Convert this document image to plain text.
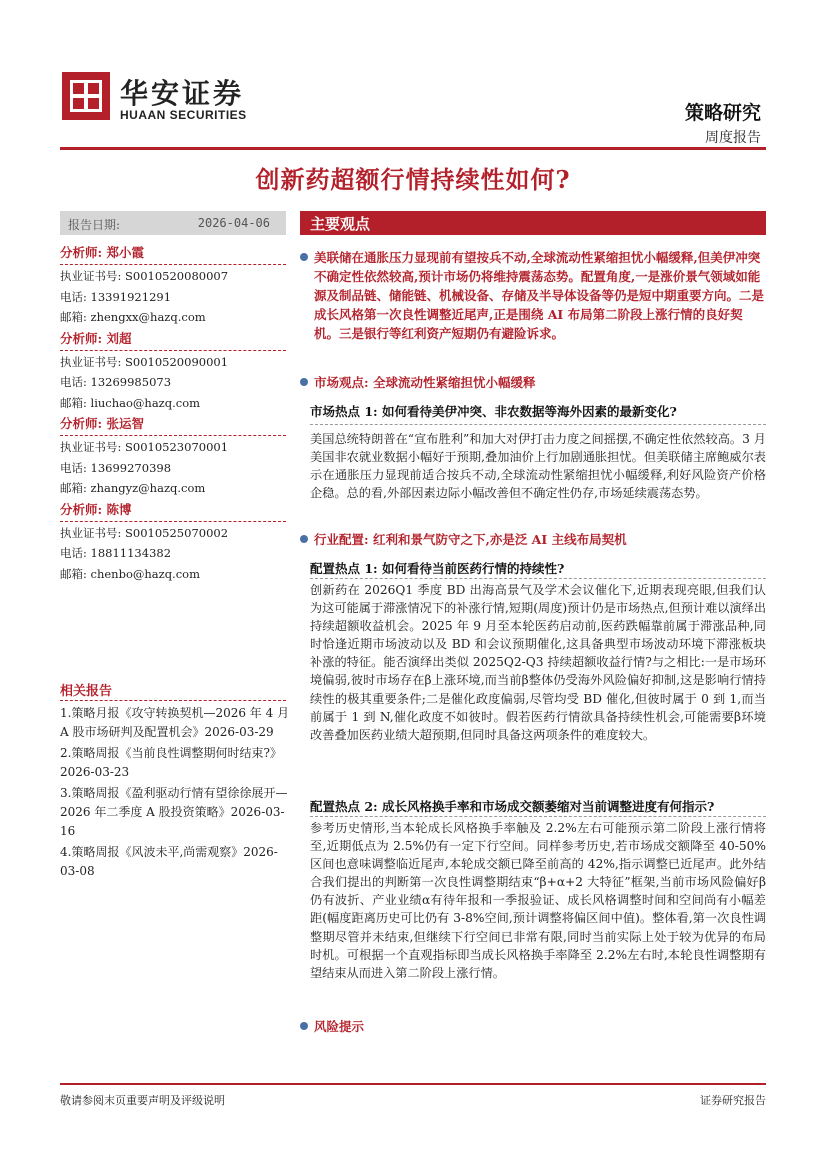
华安证券
HUAAN SECURITIES	策略研究
周度报告
创新药超额行情持续性如何?
报告日期:	2026-04-06
分析师: 郑小霞
执业证书号: S0010520080007
电话: 13391921291
邮箱: zhengxx@hazq.com
分析师: 刘超
执业证书号: S0010520090001
电话: 13269985073
邮箱: liuchao@hazq.com
分析师: 张运智
执业证书号: S0010523070001
电话: 13699270398
邮箱: zhangyz@hazq.com
分析师: 陈博
执业证书号: S0010525070002
电话: 18811134382
邮箱: chenbo@hazq.com
相关报告
1.策略月报《攻守转换契机—2026 年 4 月 A 股市场研判及配置机会》2026-03-29
2.策略周报《当前良性调整期何时结束?》2026-03-23
3.策略周报《盈利驱动行情有望徐徐展开—2026 年二季度 A 股投资策略》2026-03-16
4.策略周报《风波未平,尚需观察》2026-03-08
主要观点
美联储在通胀压力显现前有望按兵不动,全球流动性紧缩担忧小幅缓释,但美伊冲突不确定性依然较高,预计市场仍将维持震荡态势。配置角度,一是涨价景气领域如能源及制品链、储能链、机械设备、存储及半导体设备等仍是短中期重要方向。二是成长风格第一次良性调整近尾声,正是围绕 AI 布局第二阶段上涨行情的良好契机。三是银行等红利资产短期仍有避险诉求。
市场观点: 全球流动性紧缩担忧小幅缓释
市场热点 1: 如何看待美伊冲突、非农数据等海外因素的最新变化?
美国总统特朗普在“宣布胜利”和加大对伊打击力度之间摇摆,不确定性依然较高。3 月美国非农就业数据小幅好于预期,叠加油价上行加剧通胀担忧。但美联储主席鲍威尔表示在通胀压力显现前适合按兵不动,全球流动性紧缩担忧小幅缓释,利好风险资产价格企稳。总的看,外部因素边际小幅改善但不确定性仍存,市场延续震荡态势。
行业配置: 红利和景气防守之下,亦是泛 AI 主线布局契机
配置热点 1: 如何看待当前医药行情的持续性?
创新药在 2026Q1 季度 BD 出海高景气及学术会议催化下,近期表现亮眼,但我们认为这可能属于滞涨情况下的补涨行情,短期(周度)预计仍是市场热点,但预计难以演绎出持续超额收益机会。2025 年 9 月至本轮医药启动前,医药跌幅靠前属于滞涨品种,同时恰逢近期市场波动以及 BD 和会议预期催化,这具备典型市场波动环境下滞涨板块补涨的特征。能否演绎出类似 2025Q2-Q3 持续超额收益行情?与之相比:一是市场环境偏弱,彼时市场存在β上涨环境,而当前β整体仍受海外风险偏好抑制,这是影响行情持续性的极其重要条件;二是催化政度偏弱,尽管均受 BD 催化,但彼时属于 0 到 1,而当前属于 1 到 N,催化政度不如彼时。假若医药行情欲具备持续性机会,可能需要β环境改善叠加医药业绩大超预期,但同时具备这两项条件的难度较大。
配置热点 2: 成长风格换手率和市场成交额萎缩对当前调整进度有何指示?
参考历史情形,当本轮成长风格换手率触及 2.2%左右可能预示第二阶段上涨行情将至,近期低点为 2.5%仍有一定下行空间。同样参考历史,若市场成交额降至 40-50%区间也意味调整临近尾声,本轮成交额已降至前高的 42%,指示调整已近尾声。此外结合我们提出的判断第一次良性调整期结束“β+α+2 大特征”框架,当前市场风险偏好β仍有波折、产业业绩α有待年报和一季报验证、成长风格调整时间和空间尚有小幅差距(幅度距离历史可比仍有 3-8%空间,预计调整将偏区间中值)。整体看,第一次良性调整期尽管并未结束,但继续下行空间已非常有限,同时当前实际上处于较为优异的布局时机。可根据一个直观指标即当成长风格换手率降至 2.2%左右时,本轮良性调整期有望结束从而进入第二阶段上涨行情。
风险提示
敬请参阅末页重要声明及评级说明	证券研究报告
